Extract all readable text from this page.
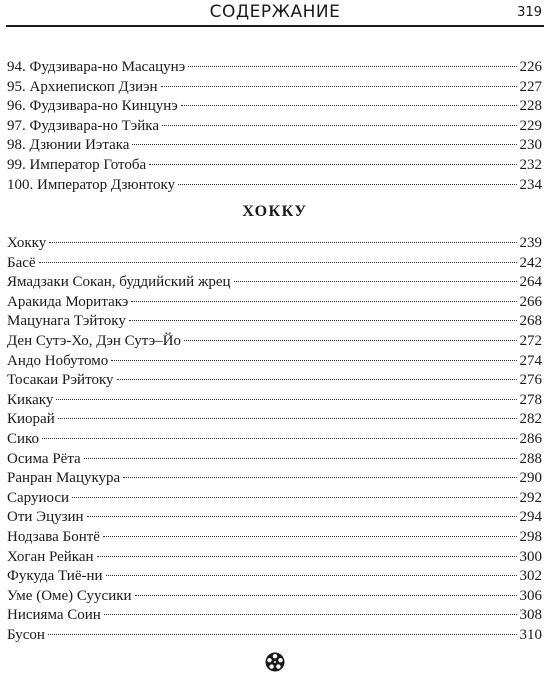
СОДЕРЖАНИЕ	319
94. Фудзивара-но Масацунэ	226
95. Архиепископ Дзиэн	227
96. Фудзивара-но Кинцунэ	228
97. Фудзивара-но Тэйка	229
98. Дзюнии Иэтака	230
99. Император Готоба	232
100. Император Дзюнтоку	234
ХОККУ
Хокку	239
Басё	242
Ямадзаки Сокан, буддийский жрец	264
Аракида Моритакэ	266
Мацунага Тэйтоку	268
Ден Сутэ-Хо, Дэн Сутэ–Йо	272
Андо Нобутомо	274
Тосакаи Рэйтоку	276
Кикаку	278
Киорай	282
Сико	286
Осима Рёта	288
Ранран Мацукура	290
Саруиоси	292
Оти Эцузин	294
Нодзава Бонтё	298
Хоган Рейкан	300
Фукуда Тиё-ни	302
Уме (Оме) Суусики	306
Нисияма Соин	308
Бусон	310
